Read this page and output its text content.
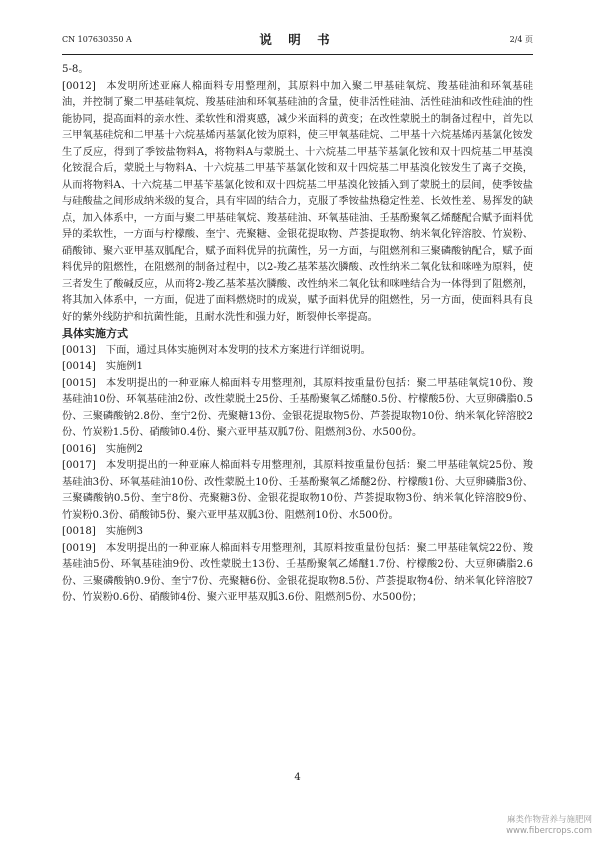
CN 107630350 A	说 明 书	2/4 页

5-8。

[0012] 本发明所述亚麻人棉面料专用整理剂，其原料中加入聚二甲基硅氧烷、羧基硅油和环氧基硅油，并控制了聚二甲基硅氧烷、羧基硅油和环氧基硅油的含量，使非活性硅油、活性硅油和改性硅油的性能协同，提高面料的亲水性、柔软性和滑爽感，减少米面料的黄变；在改性蒙脱土的制备过程中，首先以三甲氧基硅烷和二甲基十六烷基烯丙基氯化铵为原料，使三甲氧基硅烷、二甲基十六烷基烯丙基氯化铵发生了反应，得到了季铵盐物料A，将物料A与蒙脱土、十六烷基二甲基苄基氯化铵和双十四烷基二甲基溴化铵混合后，蒙脱土与物料A、十六烷基二甲基苄基氯化铵和双十四烷基二甲基溴化铵发生了离子交换，从而将物料A、十六烷基二甲基苄基氯化铵和双十四烷基二甲基溴化铵插入到了蒙脱土的层间，使季铵盐与硅酸盐之间形成纳米级的复合，具有牢固的结合力，克服了季铵盐热稳定性差、长效性差、易挥发的缺点，加入体系中，一方面与聚二甲基硅氧烷、羧基硅油、环氧基硅油、壬基酚聚氧乙烯醚配合赋予面料优异的柔软性，一方面与柠檬酸、奎宁、壳聚糖、金银花提取物、芦荟提取物、纳米氧化锌溶胶、竹炭粉、硝酸铈、聚六亚甲基双胍配合，赋予面料优异的抗菌性，另一方面，与阻燃剂和三聚磷酸钠配合，赋予面料优异的阻燃性，在阻燃剂的制备过程中，以2-羧乙基苯基次膦酸、改性纳米二氧化钛和咪唑为原料，使三者发生了酸碱反应，从而将2-羧乙基苯基次膦酸、改性纳米二氧化钛和咪唑结合为一体得到了阻燃剂，将其加入体系中，一方面，促进了面料燃烧时的成炭，赋予面料优异的阻燃性，另一方面，使面料具有良好的紫外线防护和抗菌性能，且耐水洗性和强力好，断裂伸长率提高。

具体实施方式

[0013] 下面，通过具体实施例对本发明的技术方案进行详细说明。

[0014] 实施例1

[0015] 本发明提出的一种亚麻人棉面料专用整理剂，其原料按重量份包括：聚二甲基硅氧烷10份、羧基硅油10份、环氧基硅油2份、改性蒙脱土25份、壬基酚聚氧乙烯醚0.5份、柠檬酸5份、大豆卵磷脂0.5份、三聚磷酸钠2.8份、奎宁2份、壳聚糖13份、金银花提取物5份、芦荟提取物10份、纳米氧化锌溶胶2份、竹炭粉1.5份、硝酸铈0.4份、聚六亚甲基双胍7份、阻燃剂3份、水500份。

[0016] 实施例2

[0017] 本发明提出的一种亚麻人棉面料专用整理剂，其原料按重量份包括：聚二甲基硅氧烷25份、羧基硅油3份、环氧基硅油10份、改性蒙脱土10份、壬基酚聚氧乙烯醚2份、柠檬酸1份、大豆卵磷脂3份、三聚磷酸钠0.5份、奎宁8份、壳聚糖3份、金银花提取物10份、芦荟提取物3份、纳米氧化锌溶胶9份、竹炭粉0.3份、硝酸铈5份、聚六亚甲基双胍3份、阻燃剂10份、水500份。

[0018] 实施例3

[0019] 本发明提出的一种亚麻人棉面料专用整理剂，其原料按重量份包括：聚二甲基硅氧烷22份、羧基硅油5份、环氧基硅油9份、改性蒙脱土13份、壬基酚聚氧乙烯醚1.7份、柠檬酸2份、大豆卵磷脂2.6份、三聚磷酸钠0.9份、奎宁7份、壳聚糖6份、金银花提取物8.5份、芦荟提取物4份、纳米氧化锌溶胶7份、竹炭粉0.6份、硝酸铈4份、聚六亚甲基双胍3.6份、阻燃剂5份、水500份；

4
麻类作物营养与施肥网
www.fibercrops.com
